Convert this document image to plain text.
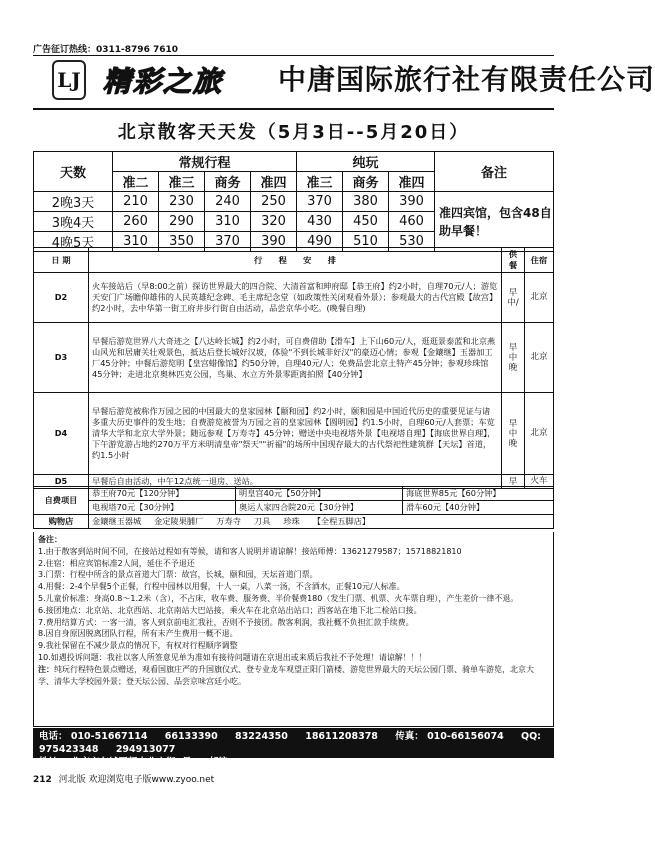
广告征订热线：0311-8796 7610
LJ 精彩之旅 中唐国际旅行社有限责任公司
北京散客天天发（5月3日--5月20日）
天数	常规行程				纯玩			备注
	准二	准三	商务	准四	准三	商务	准四	
2晚3天	210	230	240	250	370	380	390	准四宾馆，包含48自助早餐！
3晚4天	260	290	310	320	430	450	460	
4晚5天	310	350	370	390	490	510	530	
日 期	行　　程　　安　　排	供餐	住宿
D2	火车接站后（早8:00之前）探访世界最大的四合院、大清首富和珅府邸【恭王府】约2小时，自理70元/人；游览天安门广场瞻仰雄伟的人民英雄纪念碑、毛主席纪念堂（如政策性关闭观看外景）；参观最大的古代宫殿【故宫】约2小时，去中华第一街工府井步行街自由活动，品尝京华小吃。(晚餐自理)	早中/	北京
D3	早餐后游览世界八大奇迹之【八达岭长城】约2小时，可自费借助【滑车】上下山60元/人，逛逛景泰蓝和北京燕山风光和居庸关壮观景色，抵达后登长城好汉坡，体验"不到长城非好汉"的豪迈心情；参观【金鑲继】玉器加工厂45分钟；中餐后游览明【皇宫蜡像馆】约50分钟，自理40元/人；免费品尝北京土特产45分钟；参观珍珠馆45分钟；走进北京奥林匹克公园，鸟巢、水立方外景零距离拍照【40分钟】	早中晚	北京
D4	早餐后游览被称作万园之园的中国最大的皇家园林【颐和园】约2小时，颐和园是中国近代历史的重要见证与诸多重大历史事件的发生地；自费游览被誉为万园之首的皇家园林【圆明园】约1.5小时，自理60元/人套票；车览清华大学和北京大学外景；随远参观【万寿寺】45分钟；赠送中央电视塔外景【电视塔自理】【海底世界自理】，下午游览游占地约270万平方米明清皇帝"祭天""祈福"的场所中国现存最大的古代祭祀性建筑群【天坛】首道，约1.5小时	早中晚	北京
D5	早餐后自由活动，中午12点统一退房、送站。	早	火车
自费项目	恭王府70元【120分钟】	明皇宫40元【50分钟】	海底世界85元【60分钟】
	电视塔70元【30分钟】	奥运人家四合院20元【30分钟】	滑车60元【40分钟】
购物店	金鑲继玉器城 金定陵果脯厂 万寿寺 刀具 珍珠 【全程五脚店】		

备注：

1.由于散客到站时间不同，在接站过程如有等候，请和客人说明并请谅解！接站师傅：13621279587；15718821810

2.住宿：相应宾馆标准2人间，延住不予退还

3.门票：行程中所含的景点首道大门票：故宫，长城，颐和园，天坛首道门票。

4.用餐：2-4个早餐5个正餐，行程中园林以用餐，十人一桌，八菜一汤，不含酒水，正餐10元/人标准。

5.儿童价标准：身高0.8～1.2米（含），不占床，收车费、服务费、半价餐费180（发生门票、机票、火车票自理），产生差价一律不退。

6.接团地点：北京站、北京西站、北京南站大巴站接，乘火车在北京站出站口；西客站在地下北二检站口接。

7.费用结算方式：一客一清，客人到京前电汇我社，否则不予接团。散客利润，我社概不负担汇款手续费。

8.因自身原因脱离团队行程，所有未产生费用一概不退。

9.我社保留在不减少景点的情况下，有权对行程顺序调整

10.如遇投诉问题：我社以客人所签意见单为准如有接待问题请在京退出或来质后我社不予处理！请谅解！！！

注：纯玩行程特色景点赠送，观看国旗庄严的升国旗仪式、登专业龙车观望正阳门箭楼、游览世界最大的天坛公园门票、骑单车游览，北京大学、清华大学校园外景；登天坛公园、品尝京味宫廷小吃。

电话： 010-51667114 66133390 83224350 18611208378 传真： 010-66156074 QQ: 975423348 294913077
地址： 北京市东城区朝内北小街2号 邮编： 100700
212 河北版 欢迎浏览电子版www.zyoo.net
